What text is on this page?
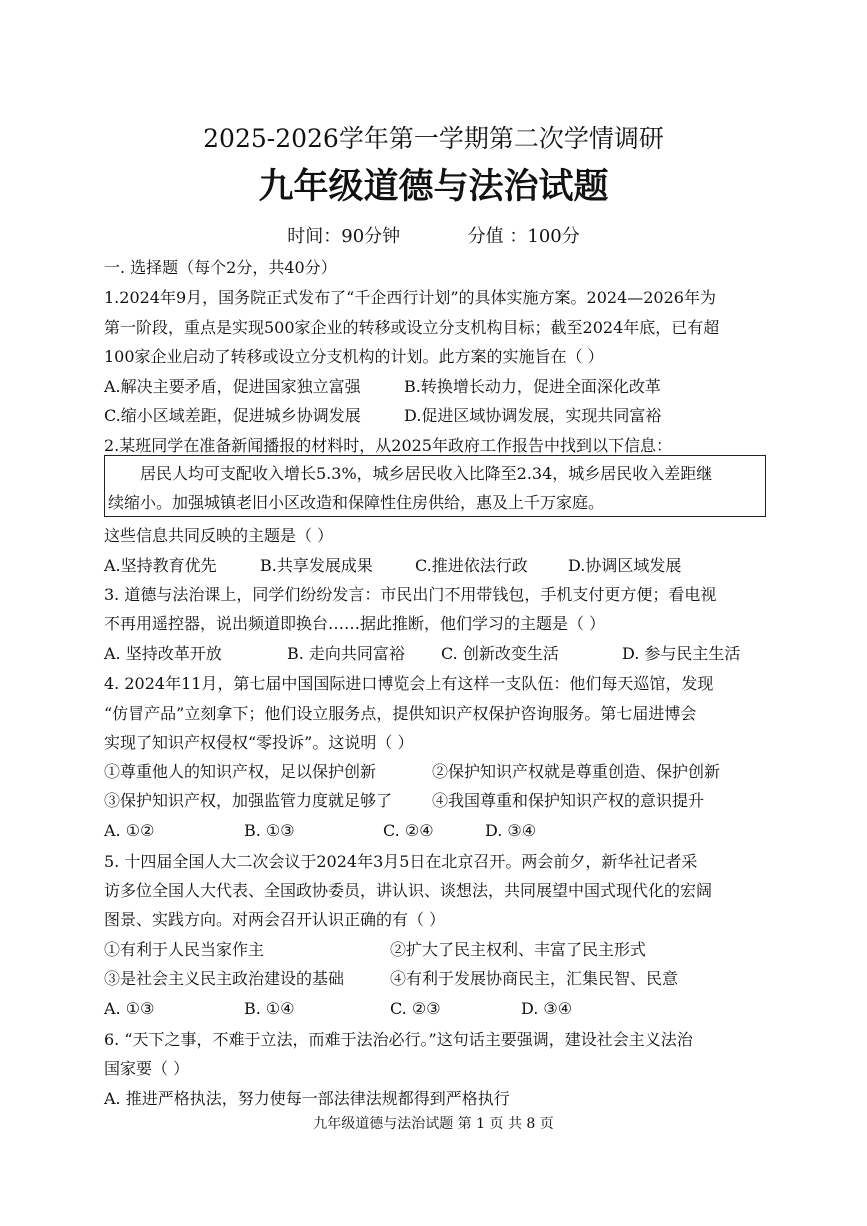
2025-2026学年第一学期第二次学情调研
九年级道德与法治试题
时间：90分钟	分值 ：100分
一. 选择题（每个2分，共40分）
1.2024年9月，国务院正式发布了“千企西行计划”的具体实施方案。2024—2026年为
第一阶段，重点是实现500家企业的转移或设立分支机构目标；截至2024年底，已有超
100家企业启动了转移或设立分支机构的计划。此方案的实施旨在（ ）
A.解决主要矛盾，促进国家独立富强	B.转换增长动力，促进全面深化改革
C.缩小区域差距，促进城乡协调发展	D.促进区域协调发展，实现共同富裕
2.某班同学在准备新闻播报的材料时，从2025年政府工作报告中找到以下信息：
居民人均可支配收入增长5.3%，城乡居民收入比降至2.34，城乡居民收入差距继
续缩小。加强城镇老旧小区改造和保障性住房供给，惠及上千万家庭。
这些信息共同反映的主题是（ ）
A.坚持教育优先	B.共享发展成果	C.推进依法行政	D.协调区域发展
3. 道德与法治课上，同学们纷纷发言：市民出门不用带钱包，手机支付更方便；看电视
不再用遥控器，说出频道即换台……据此推断，他们学习的主题是（ ）
A. 坚持改革开放	B. 走向共同富裕 C. 创新改变生活	D. 参与民主生活
4. 2024年11月，第七届中国国际进口博览会上有这样一支队伍：他们每天巡馆，发现
“仿冒产品”立刻拿下；他们设立服务点，提供知识产权保护咨询服务。第七届进博会
实现了知识产权侵权“零投诉”。这说明（ ）
①尊重他人的知识产权，足以保护创新	②保护知识产权就是尊重创造、保护创新
③保护知识产权，加强监管力度就足够了 ④我国尊重和保护知识产权的意识提升
A. ①②	B. ①③	C. ②④	D. ③④
5. 十四届全国人大二次会议于2024年3月5日在北京召开。两会前夕，新华社记者采
访多位全国人大代表、全国政协委员，讲认识、谈想法，共同展望中国式现代化的宏阔
图景、实践方向。对两会召开认识正确的有（ ）
①有利于人民当家作主	②扩大了民主权利、丰富了民主形式
③是社会主义民主政治建设的基础	④有利于发展协商民主，汇集民智、民意
A. ①③	B. ①④	C. ②③	D. ③④
6. “天下之事，不难于立法，而难于法治必行。”这句话主要强调，建设社会主义法治
国家要（ ）
A. 推进严格执法，努力使每一部法律法规都得到严格执行
九年级道德与法治试题 第 1 页 共 8 页
